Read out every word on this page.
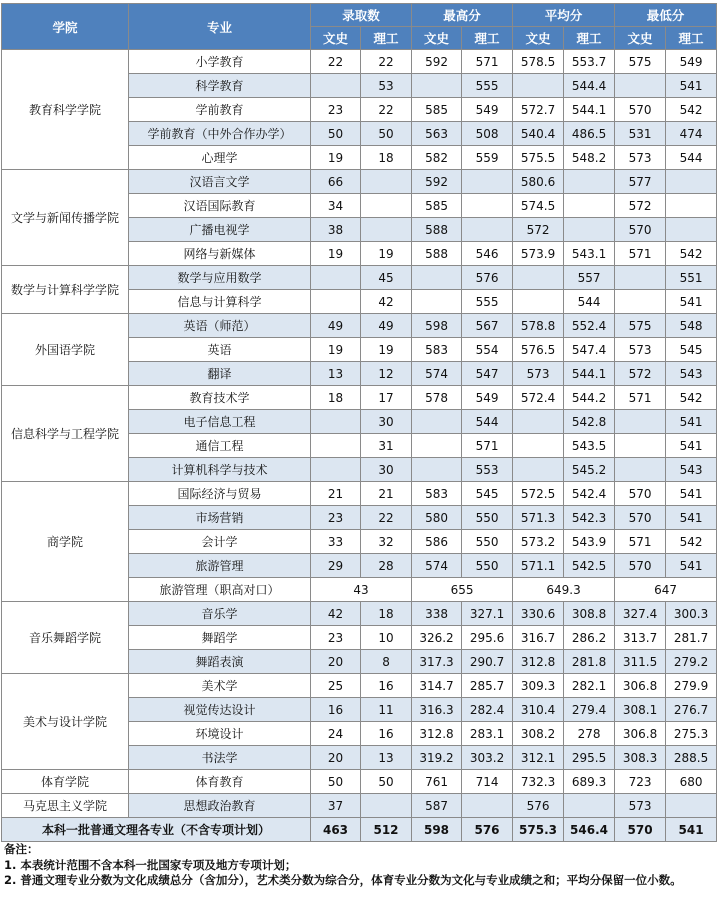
学院	专业	录取数		最高分		平均分		最低分	
		文史	理工	文史	理工	文史	理工	文史	理工
教育科学学院	小学教育	22	22	592	571	578.5	553.7	575	549
	科学教育		53		555		544.4		541
	学前教育	23	22	585	549	572.7	544.1	570	542
	学前教育（中外合作办学）	50	50	563	508	540.4	486.5	531	474
	心理学	19	18	582	559	575.5	548.2	573	544
文学与新闻传播学院	汉语言文学	66		592		580.6		577	
	汉语国际教育	34		585		574.5		572	
	广播电视学	38		588		572		570	
	网络与新媒体	19	19	588	546	573.9	543.1	571	542
数学与计算科学学院	数学与应用数学		45		576		557		551
	信息与计算科学		42		555		544		541
外国语学院	英语（师范）	49	49	598	567	578.8	552.4	575	548
	英语	19	19	583	554	576.5	547.4	573	545
	翻译	13	12	574	547	573	544.1	572	543
信息科学与工程学院	教育技术学	18	17	578	549	572.4	544.2	571	542
	电子信息工程		30		544		542.8		541
	通信工程		31		571		543.5		541
	计算机科学与技术		30		553		545.2		543
商学院	国际经济与贸易	21	21	583	545	572.5	542.4	570	541
	市场营销	23	22	580	550	571.3	542.3	570	541
	会计学	33	32	586	550	573.2	543.9	571	542
	旅游管理	29	28	574	550	571.1	542.5	570	541
	旅游管理（职高对口）	43		655		649.3		647	
音乐舞蹈学院	音乐学	42	18	338	327.1	330.6	308.8	327.4	300.3
	舞蹈学	23	10	326.2	295.6	316.7	286.2	313.7	281.7
	舞蹈表演	20	8	317.3	290.7	312.8	281.8	311.5	279.2
美术与设计学院	美术学	25	16	314.7	285.7	309.3	282.1	306.8	279.9
	视觉传达设计	16	11	316.3	282.4	310.4	279.4	308.1	276.7
	环境设计	24	16	312.8	283.1	308.2	278	306.8	275.3
	书法学	20	13	319.2	303.2	312.1	295.5	308.3	288.5
体育学院	体育教育	50	50	761	714	732.3	689.3	723	680
马克思主义学院	思想政治教育	37		587		576		573	
本科一批普通文理各专业（不含专项计划）		463	512	598	576	575.3	546.4	570	541
备注：
1. 本表统计范围不含本科一批国家专项及地方专项计划；
2. 普通文理专业分数为文化成绩总分（含加分），艺术类分数为综合分，体育专业分数为文化与专业成绩之和；平均分保留一位小数。
